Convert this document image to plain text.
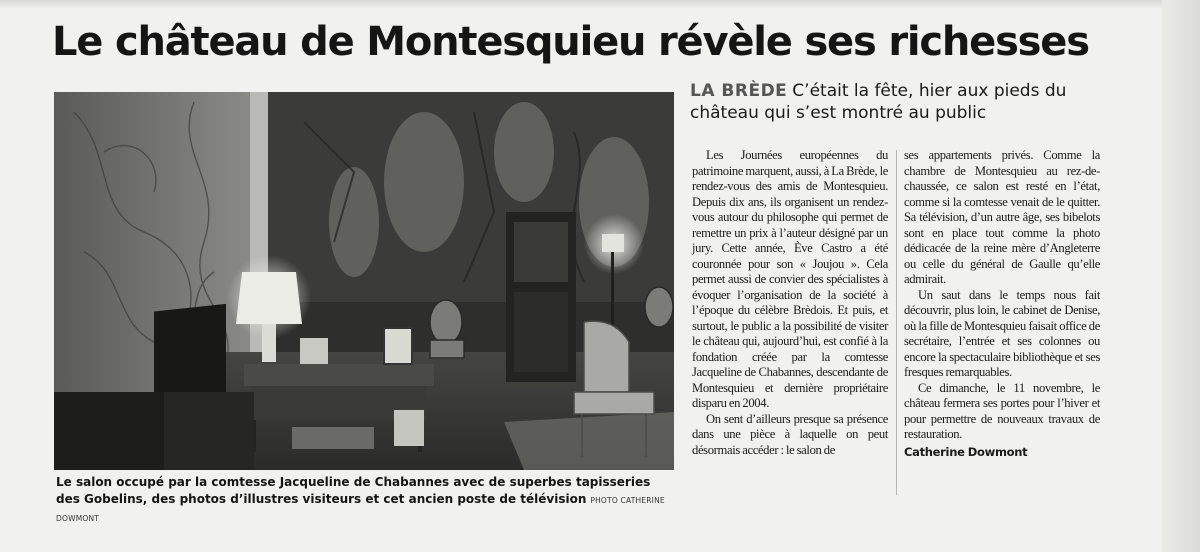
Le château de Montesquieu révèle ses richesses

Le salon occupé par la comtesse Jacqueline de Chabannes avec de superbes tapisseries des Gobelins, des photos d’illustres visiteurs et cet ancien poste de télévision PHOTO CATHERINE DOWMONT

LA BRÈDE C’était la fête, hier aux pieds du château qui s’est montré au public

Les Journées européennes du patrimoine marquent, aussi, à La Brède, le rendez-vous des amis de Montesquieu. Depuis dix ans, ils organisent un rendez-vous autour du philosophe qui permet de remettre un prix à l’auteur désigné par un jury. Cette année, Ève Castro a été couronnée pour son « Joujou ». Cela permet aussi de convier des spécialistes à évoquer l’organisation de la société à l’époque du célèbre Brèdois. Et puis, et surtout, le public a la possibilité de visiter le château qui, aujourd’hui, est confié à la fondation créée par la comtesse Jacqueline de Chabannes, descendante de Montesquieu et dernière propriétaire disparu en 2004.

On sent d’ailleurs presque sa présence dans une pièce à laquelle on peut désormais accéder : le salon de

ses appartements privés. Comme la chambre de Montesquieu au rez-de-chaussée, ce salon est resté en l’état, comme si la comtesse venait de le quitter. Sa télévision, d’un autre âge, ses bibelots sont en place tout comme la photo dédicacée de la reine mère d’Angleterre ou celle du général de Gaulle qu’elle admirait.

Un saut dans le temps nous fait découvrir, plus loin, le cabinet de Denise, où la fille de Montesquieu faisait office de secrétaire, l’entrée et ses colonnes ou encore la spectaculaire bibliothèque et ses fresques remarquables.

Ce dimanche, le 11 novembre, le château fermera ses portes pour l’hiver et pour permettre de nouveaux travaux de restauration.

Catherine Dowmont
